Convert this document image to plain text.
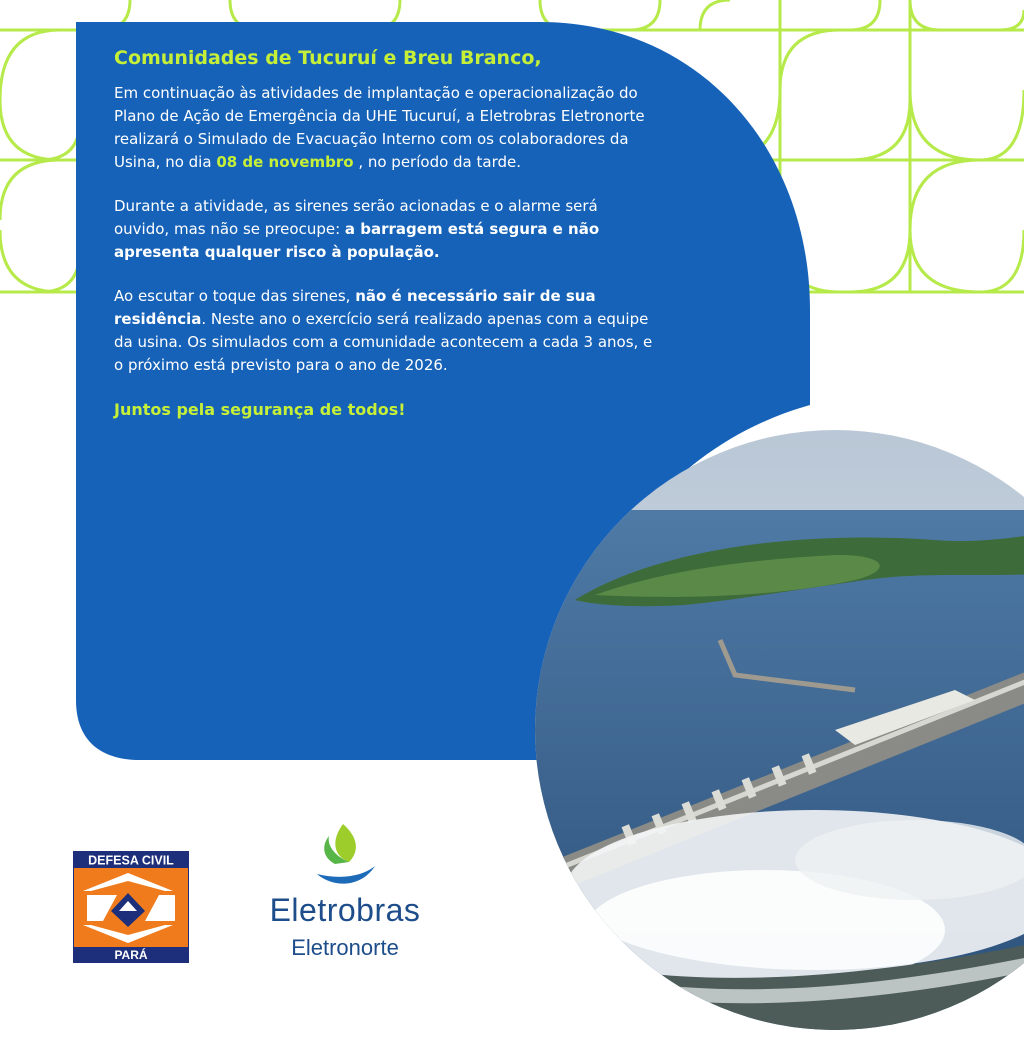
Comunidades de Tucuruí e Breu Branco,

Em continuação às atividades de implantação e operacionalização do Plano de Ação de Emergência da UHE Tucuruí, a Eletrobras Eletronorte realizará o Simulado de Evacuação Interno com os colaboradores da Usina, no dia 08 de novembro , no período da tarde.

Durante a atividade, as sirenes serão acionadas e o alarme será ouvido, mas não se preocupe: a barragem está segura e não apresenta qualquer risco à população.

Ao escutar o toque das sirenes, não é necessário sair de sua residência. Neste ano o exercício será realizado apenas com a equipe da usina. Os simulados com a comunidade acontecem a cada 3 anos, e o próximo está previsto para o ano de 2026.

Juntos pela segurança de todos!
DEFESA CIVIL
PARÁ
Eletrobras
Eletronorte
